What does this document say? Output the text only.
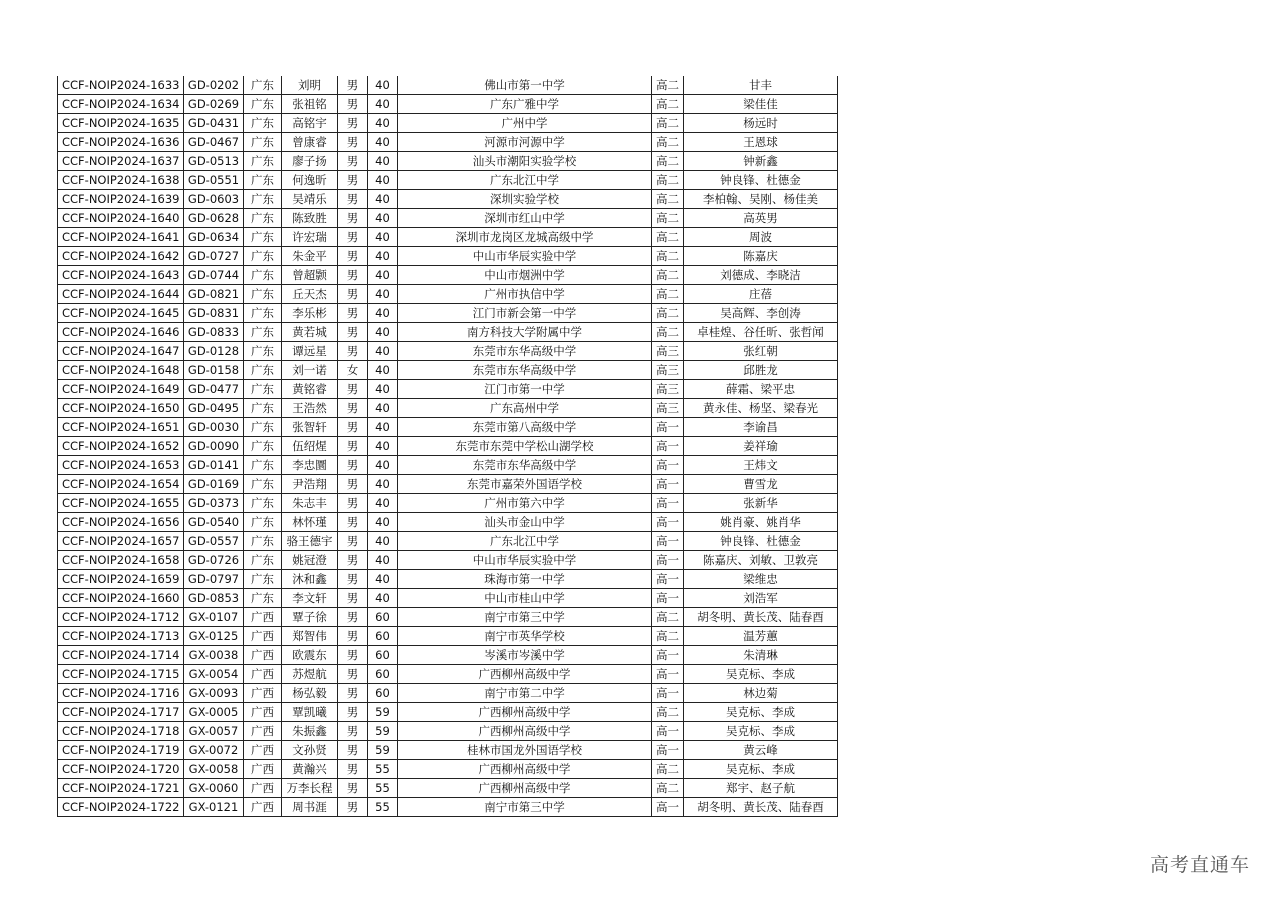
CCF-NOIP2024-1633	GD-0202	广东	刘明	男	40	佛山市第一中学	高二	甘丰
CCF-NOIP2024-1634	GD-0269	广东	张祖铭	男	40	广东广雅中学	高二	梁佳佳
CCF-NOIP2024-1635	GD-0431	广东	高铭宇	男	40	广州中学	高二	杨远时
CCF-NOIP2024-1636	GD-0467	广东	曾康睿	男	40	河源市河源中学	高二	王恩球
CCF-NOIP2024-1637	GD-0513	广东	廖子扬	男	40	汕头市潮阳实验学校	高二	钟新鑫
CCF-NOIP2024-1638	GD-0551	广东	何逸昕	男	40	广东北江中学	高二	钟良锋、杜德金
CCF-NOIP2024-1639	GD-0603	广东	吴靖乐	男	40	深圳实验学校	高二	李柏翰、吴刚、杨佳美
CCF-NOIP2024-1640	GD-0628	广东	陈致胜	男	40	深圳市红山中学	高二	高英男
CCF-NOIP2024-1641	GD-0634	广东	许宏瑞	男	40	深圳市龙岗区龙城高级中学	高二	周波
CCF-NOIP2024-1642	GD-0727	广东	朱金平	男	40	中山市华辰实验中学	高二	陈嘉庆
CCF-NOIP2024-1643	GD-0744	广东	曾超颢	男	40	中山市烟洲中学	高二	刘德成、李晓洁
CCF-NOIP2024-1644	GD-0821	广东	丘天杰	男	40	广州市执信中学	高二	庄蓓
CCF-NOIP2024-1645	GD-0831	广东	李乐彬	男	40	江门市新会第一中学	高二	吴高辉、李创涛
CCF-NOIP2024-1646	GD-0833	广东	黄若城	男	40	南方科技大学附属中学	高二	卓桂煌、谷任昕、张哲闻
CCF-NOIP2024-1647	GD-0128	广东	谭远星	男	40	东莞市东华高级中学	高三	张红朝
CCF-NOIP2024-1648	GD-0158	广东	刘一诺	女	40	东莞市东华高级中学	高三	邱胜龙
CCF-NOIP2024-1649	GD-0477	广东	黄铭睿	男	40	江门市第一中学	高三	薛霜、梁平忠
CCF-NOIP2024-1650	GD-0495	广东	王浩然	男	40	广东高州中学	高三	黄永佳、杨坚、梁春光
CCF-NOIP2024-1651	GD-0030	广东	张智轩	男	40	东莞市第八高级中学	高一	李谕昌
CCF-NOIP2024-1652	GD-0090	广东	伍绍煋	男	40	东莞市东莞中学松山湖学校	高一	姜祥瑜
CCF-NOIP2024-1653	GD-0141	广东	李忠圜	男	40	东莞市东华高级中学	高一	王炜文
CCF-NOIP2024-1654	GD-0169	广东	尹浩翔	男	40	东莞市嘉荣外国语学校	高一	曹雪龙
CCF-NOIP2024-1655	GD-0373	广东	朱志丰	男	40	广州市第六中学	高一	张新华
CCF-NOIP2024-1656	GD-0540	广东	林怀瑾	男	40	汕头市金山中学	高一	姚肖豪、姚肖华
CCF-NOIP2024-1657	GD-0557	广东	骆王德宇	男	40	广东北江中学	高一	钟良锋、杜德金
CCF-NOIP2024-1658	GD-0726	广东	姚冠澄	男	40	中山市华辰实验中学	高一	陈嘉庆、刘敏、卫敦亮
CCF-NOIP2024-1659	GD-0797	广东	沐和鑫	男	40	珠海市第一中学	高一	梁维忠
CCF-NOIP2024-1660	GD-0853	广东	李文轩	男	40	中山市桂山中学	高一	刘浩军
CCF-NOIP2024-1712	GX-0107	广西	覃子徐	男	60	南宁市第三中学	高二	胡冬明、黄长茂、陆春酉
CCF-NOIP2024-1713	GX-0125	广西	郑智伟	男	60	南宁市英华学校	高二	温芳蕙
CCF-NOIP2024-1714	GX-0038	广西	欧震东	男	60	岑溪市岑溪中学	高一	朱清琳
CCF-NOIP2024-1715	GX-0054	广西	苏煜航	男	60	广西柳州高级中学	高一	吴克标、李成
CCF-NOIP2024-1716	GX-0093	广西	杨弘毅	男	60	南宁市第二中学	高一	林边菊
CCF-NOIP2024-1717	GX-0005	广西	覃凯曦	男	59	广西柳州高级中学	高二	吴克标、李成
CCF-NOIP2024-1718	GX-0057	广西	朱振鑫	男	59	广西柳州高级中学	高一	吴克标、李成
CCF-NOIP2024-1719	GX-0072	广西	文孙贤	男	59	桂林市国龙外国语学校	高一	黄云峰
CCF-NOIP2024-1720	GX-0058	广西	黄瀚兴	男	55	广西柳州高级中学	高二	吴克标、李成
CCF-NOIP2024-1721	GX-0060	广西	万李长程	男	55	广西柳州高级中学	高二	郑宇、赵子航
CCF-NOIP2024-1722	GX-0121	广西	周书涯	男	55	南宁市第三中学	高一	胡冬明、黄长茂、陆春酉
高考直通车
